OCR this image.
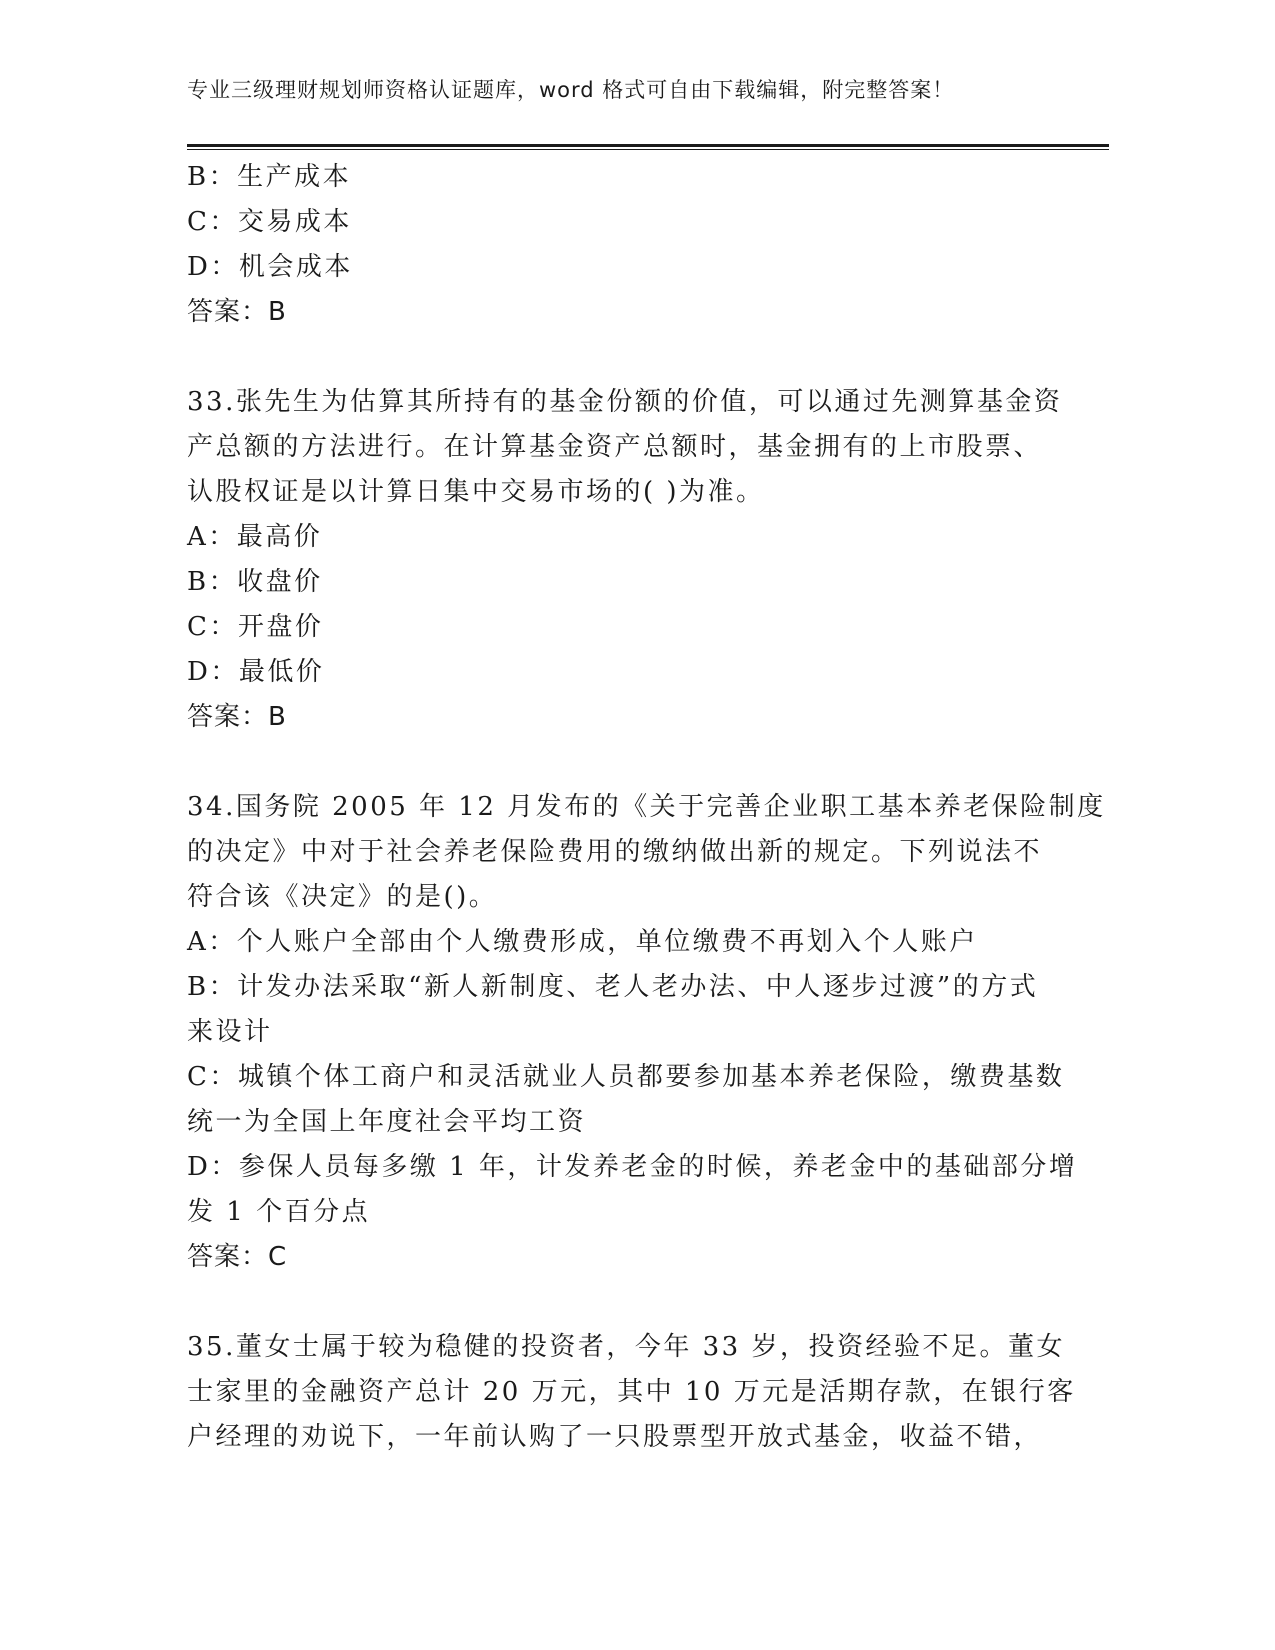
专业三级理财规划师资格认证题库，word 格式可自由下载编辑，附完整答案！
B：生产成本
C：交易成本
D：机会成本
答案：B
33.张先生为估算其所持有的基金份额的价值，可以通过先测算基金资
产总额的方法进行。在计算基金资产总额时，基金拥有的上市股票、
认股权证是以计算日集中交易市场的( )为准。
A：最高价
B：收盘价
C：开盘价
D：最低价
答案：B
34.国务院 2005 年 12 月发布的《关于完善企业职工基本养老保险制度
的决定》中对于社会养老保险费用的缴纳做出新的规定。下列说法不
符合该《决定》的是()。
A：个人账户全部由个人缴费形成，单位缴费不再划入个人账户
B：计发办法采取“新人新制度、老人老办法、中人逐步过渡”的方式
来设计
C：城镇个体工商户和灵活就业人员都要参加基本养老保险，缴费基数
统一为全国上年度社会平均工资
D：参保人员每多缴 1 年，计发养老金的时候，养老金中的基础部分增
发 1 个百分点
答案：C
35.董女士属于较为稳健的投资者，今年 33 岁，投资经验不足。董女
士家里的金融资产总计 20 万元，其中 10 万元是活期存款，在银行客
户经理的劝说下，一年前认购了一只股票型开放式基金，收益不错，
